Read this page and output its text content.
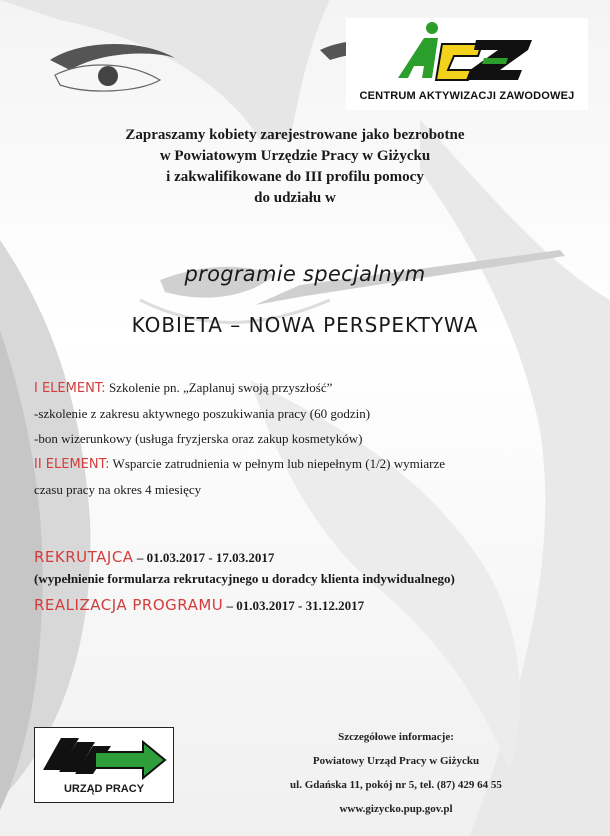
CENTRUM AKTYWIZACJI ZAWODOWEJ
Zapraszamy kobiety zarejestrowane jako bezrobotne
w Powiatowym Urzędzie Pracy w Giżycku
i zakwalifikowane do III profilu pomocy
do udziału w
programie specjalnym
KOBIETA – NOWA PERSPEKTYWA
I ELEMENT: Szkolenie pn. „Zaplanuj swoją przyszłość”
-szkolenie z zakresu aktywnego poszukiwania pracy (60 godzin)
-bon wizerunkowy (usługa fryzjerska oraz zakup kosmetyków)
II ELEMENT: Wsparcie zatrudnienia w pełnym lub niepełnym (1/2) wymiarze
czasu pracy na okres 4 miesięcy
REKRUTAJCA – 01.03.2017 - 17.03.2017
(wypełnienie formularza rekrutacyjnego u doradcy klienta indywidualnego)
REALIZACJA PROGRAMU – 01.03.2017 - 31.12.2017
URZĄD PRACY
Szczegółowe informacje:
Powiatowy Urząd Pracy w Giżycku
ul. Gdańska 11, pokój nr 5, tel. (87) 429 64 55
www.gizycko.pup.gov.pl
